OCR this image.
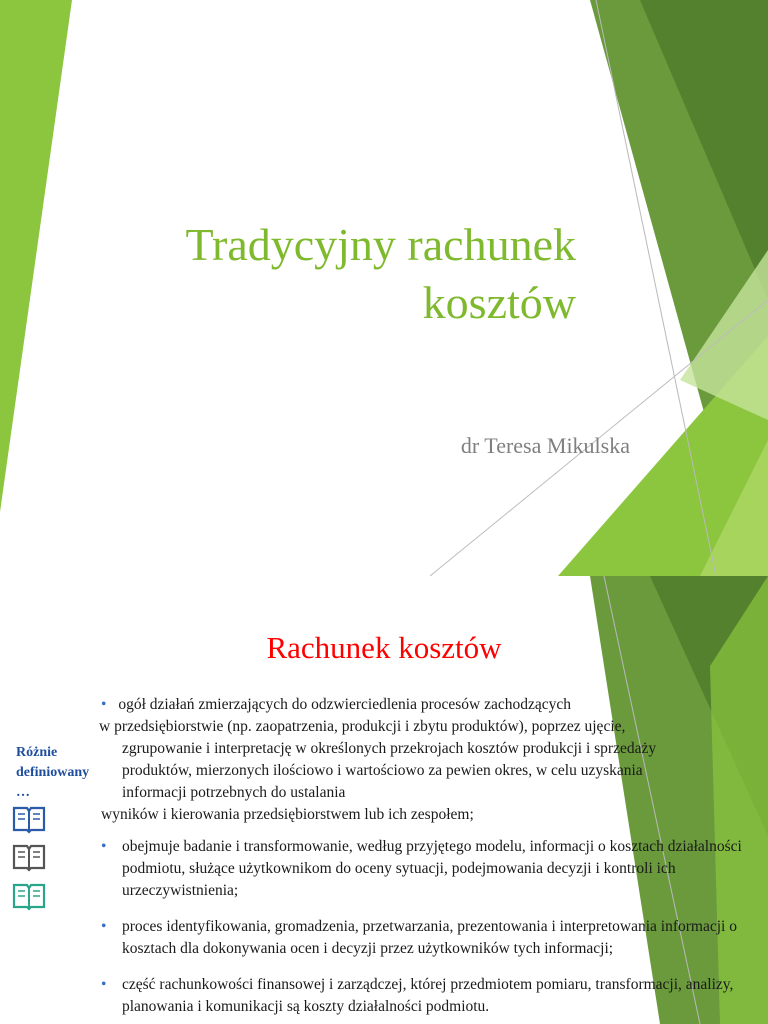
Tradycyjny rachunek
kosztów
dr Teresa Mikulska
Rachunek kosztów
Różnie
definiowany
…
• ogół działań zmierzających do odzwierciedlenia procesów zachodzących
w przedsiębiorstwie (np. zaopatrzenia, produkcji i zbytu produktów), poprzez ujęcie,
zgrupowanie i interpretację w określonych przekrojach kosztów produkcji i sprzedaży
produktów, mierzonych ilościowo i wartościowo za pewien okres, w celu uzyskania
informacji potrzebnych do ustalania
wyników i kierowania przedsiębiorstwem lub ich zespołem;
• obejmuje badanie i transformowanie, według przyjętego modelu, informacji o kosztach działalności podmiotu, służące użytkownikom do oceny sytuacji, podejmowania decyzji i kontroli ich urzeczywistnienia;
• proces identyfikowania, gromadzenia, przetwarzania, prezentowania i interpretowania informacji o kosztach dla dokonywania ocen i decyzji przez użytkowników tych informacji;
• część rachunkowości finansowej i zarządczej, której przedmiotem pomiaru, transformacji, analizy, planowania i komunikacji są koszty działalności podmiotu.
